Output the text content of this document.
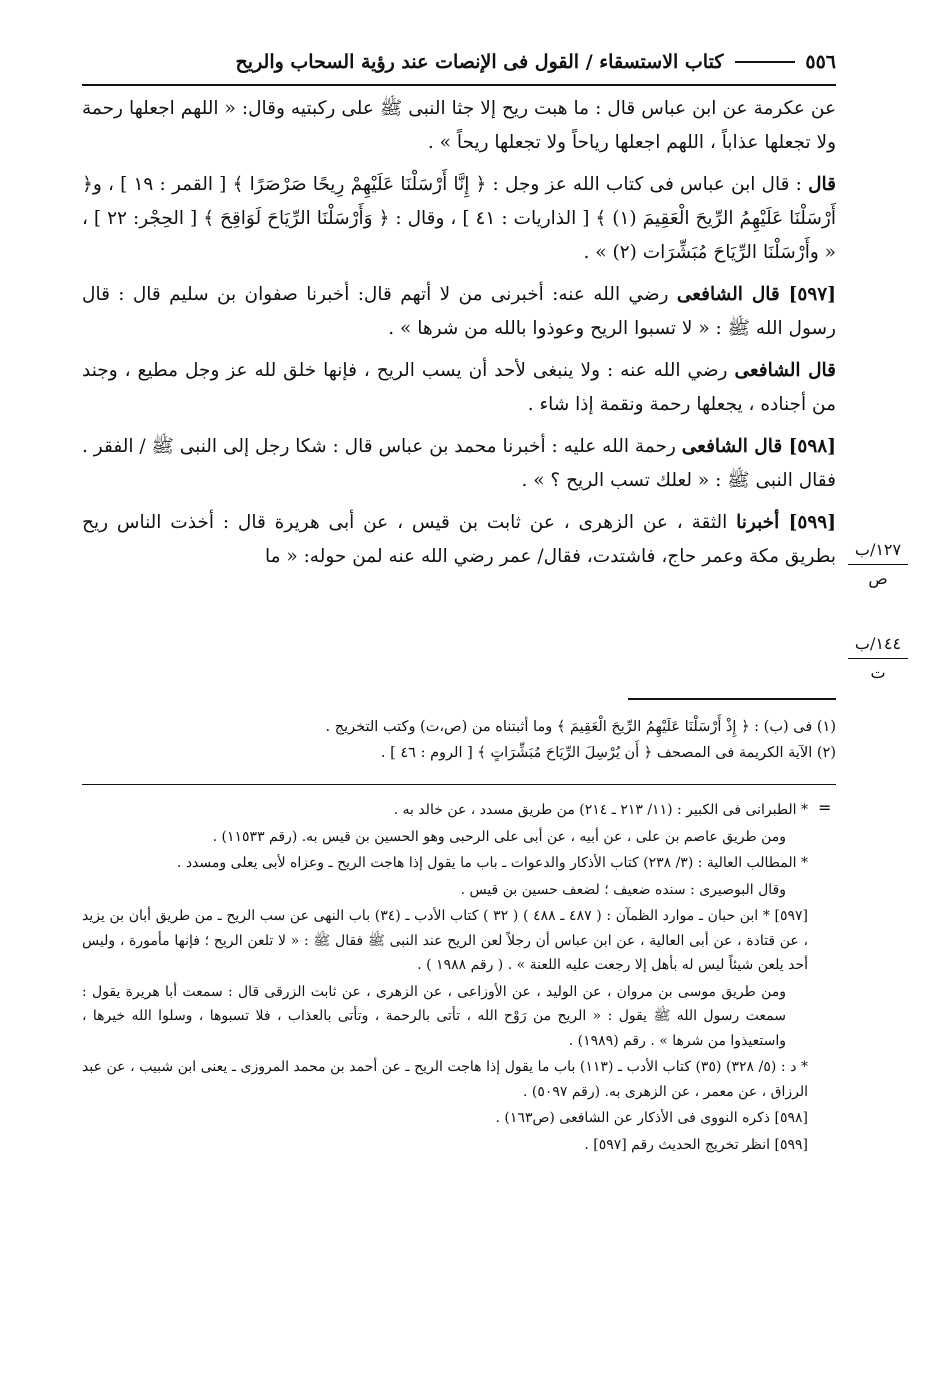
٥٥٦
كتاب الاستسقاء / القول فى الإنصات عند رؤية السحاب والريح

عن عكرمة عن ابن عباس قال : ما هبت ريح إلا جثا النبى ﷺ على ركبتيه وقال: « اللهم اجعلها رحمة ولا تجعلها عذاباً ، اللهم اجعلها رياحاً ولا تجعلها ريحاً » .

قال : قال ابن عباس فى كتاب الله عز وجل : ﴿ إِنَّا أَرْسَلْنَا عَلَيْهِمْ رِيحًا صَرْصَرًا ﴾ [ القمر : ١٩ ] ، و﴿ أَرْسَلْنَا عَلَيْهِمُ الرِّيحَ الْعَقِيمَ (١) ﴾ [ الذاريات : ٤١ ] ، وقال : ﴿ وَأَرْسَلْنَا الرِّيَاحَ لَوَاقِحَ ﴾ [ الحِجْر: ٢٢ ] ، « وأَرْسَلْنَا الرِّيَاحَ مُبَشِّرَات (٢) » .

[٥٩٧] قال الشافعى رضي الله عنه: أخبرنى من لا أتهم قال: أخبرنا صفوان بن سليم قال : قال رسول الله ﷺ : « لا تسبوا الريح وعوذوا بالله من شرها » .

قال الشافعى رضي الله عنه : ولا ينبغى لأحد أن يسب الريح ، فإنها خلق لله عز وجل مطيع ، وجند من أجناده ، يجعلها رحمة ونقمة إذا شاء .

[٥٩٨] قال الشافعى رحمة الله عليه : أخبرنا محمد بن عباس قال : شكا رجل إلى النبى ﷺ / الفقر . فقال النبى ﷺ : « لعلك تسب الريح ؟ » .

[٥٩٩] أخبرنا الثقة ، عن الزهرى ، عن ثابت بن قيس ، عن أبى هريرة قال : أخذت الناس ريح بطريق مكة وعمر حاج، فاشتدت، فقال/ عمر رضي الله عنه لمن حوله: « ما	١٢٧/ب
ص
١٤٤/ب
ت

(١) فى (ب) : ﴿ إِذْ أَرْسَلْنَا عَلَيْهِمُ الرِّيحَ الْعَقِيمَ ﴾ وما أثبتناه من (ص،ت) وكتب التخريج .

(٢) الآية الكريمة فى المصحف ﴿ أَن يُرْسِلَ الرِّيَاحَ مُبَشِّرَاتٍ ﴾ [ الروم : ٤٦ ] .

=

* الطبرانى فى الكبير : (١١/ ٢١٣ ـ ٢١٤) من طريق مسدد ، عن خالد به .

ومن طريق عاصم بن على ، عن أبيه ، عن أبى على الرحبى وهو الحسين بن قيس به. (رقم ١١٥٣٣) .

* المطالب العالية : (٣/ ٢٣٨) كتاب الأذكار والدعوات ـ باب ما يقول إذا هاجت الريح ـ وعزاه لأبى يعلى ومسدد .

وقال البوصيرى : سنده ضعيف ؛ لضعف حسين بن قيس .

[٥٩٧] * ابن حبان ـ موارد الظمآن : ( ٤٨٧ ـ ٤٨٨ ) ( ٣٢ ) كتاب الأدب ـ (٣٤) باب النهى عن سب الريح ـ من طريق أبان بن يزيد ، عن قتادة ، عن أبى العالية ، عن ابن عباس أن رجلاً لعن الريح عند النبى ﷺ فقال ﷺ : « لا تلعن الريح ؛ فإنها مأمورة ، وليس أحد يلعن شيئاً ليس له بأهل إلا رجعت عليه اللعنة » . ( رقم ١٩٨٨ ) .

ومن طريق موسى بن مروان ، عن الوليد ، عن الأوزاعى ، عن الزهرى ، عن ثابت الزرقى قال : سمعت أبا هريرة يقول : سمعت رسول الله ﷺ يقول : « الريح من رَوْح الله ، تأتى بالرحمة ، وتأتى بالعذاب ، فلا تسبوها ، وسلوا الله خيرها ، واستعيذوا من شرها » . رقم (١٩٨٩) .

* د : (٥/ ٣٢٨) (٣٥) كتاب الأدب ـ (١١٣) باب ما يقول إذا هاجت الريح ـ عن أحمد بن محمد المروزى ـ يعنى ابن شبيب ، عن عبد الرزاق ، عن معمر ، عن الزهرى به. (رقم ٥٠٩٧) .

[٥٩٨] ذكره النووى فى الأذكار عن الشافعى (ص١٦٣) .

[٥٩٩] انظر تخريج الحديث رقم [٥٩٧] .
